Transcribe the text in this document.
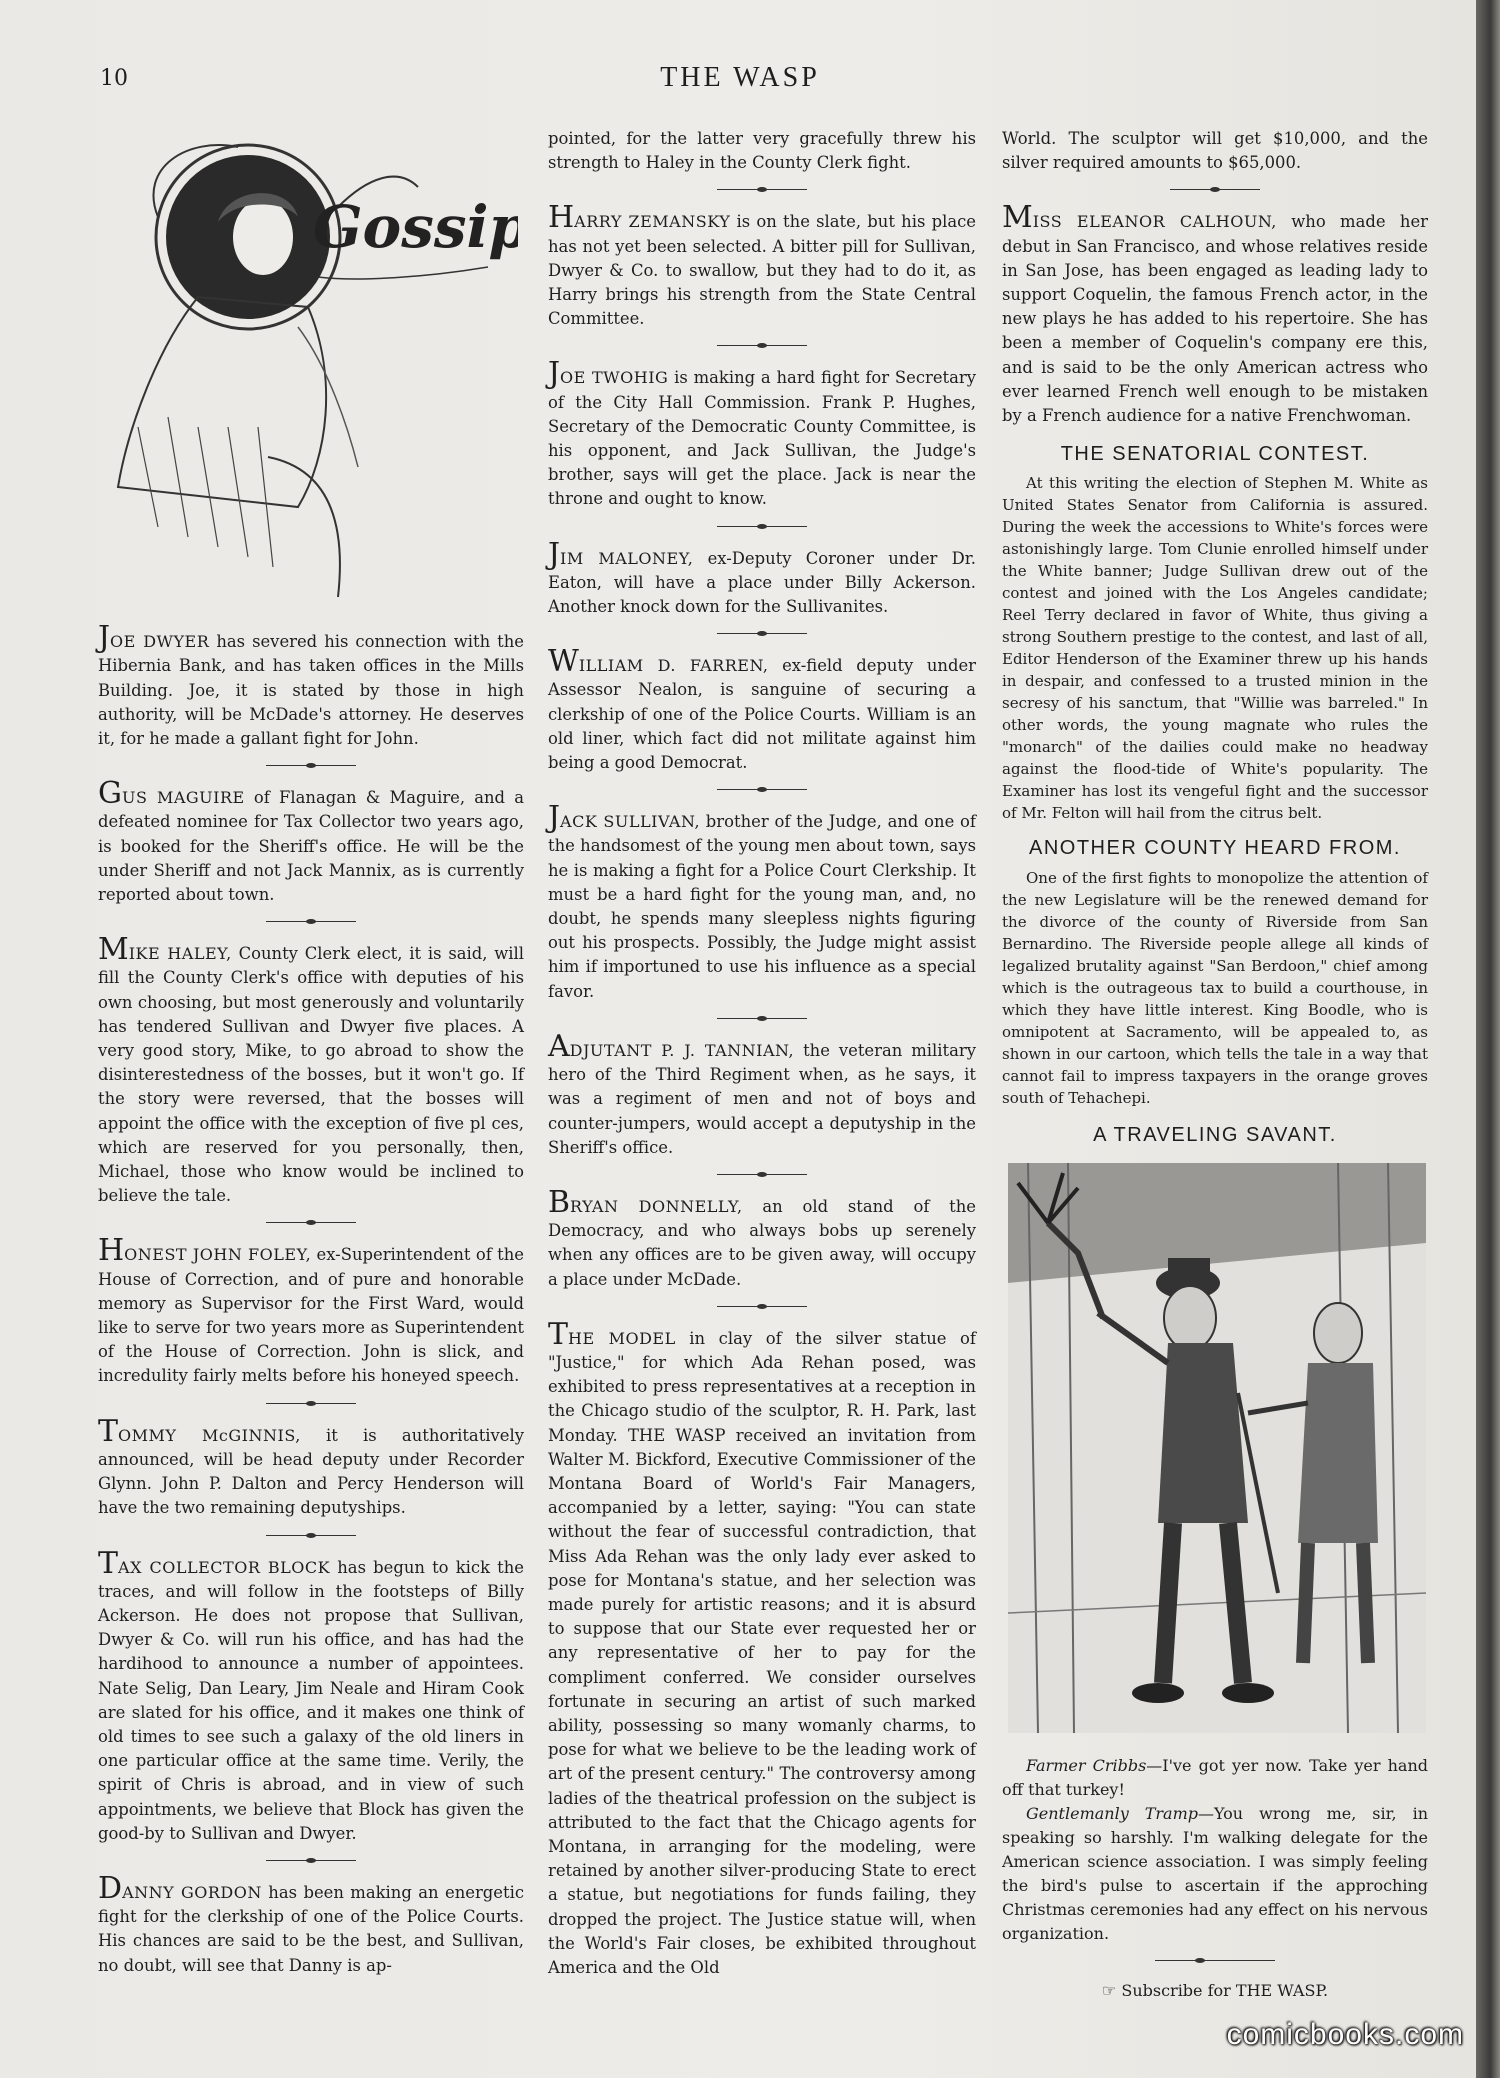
10	THE WASP
Gossip

JOE DWYER has severed his connection with the Hibernia Bank, and has taken offices in the Mills Building. Joe, it is stated by those in high authority, will be McDade's attorney. He deserves it, for he made a gallant fight for John.

GUS MAGUIRE of Flanagan & Maguire, and a defeated nominee for Tax Collector two years ago, is booked for the Sheriff's office. He will be the under Sheriff and not Jack Mannix, as is currently reported about town.

MIKE HALEY, County Clerk elect, it is said, will fill the County Clerk's office with deputies of his own choosing, but most generously and voluntarily has tendered Sullivan and Dwyer five places. A very good story, Mike, to go abroad to show the disinterestedness of the bosses, but it won't go. If the story were reversed, that the bosses will appoint the office with the exception of five pl ces, which are reserved for you personally, then, Michael, those who know would be inclined to believe the tale.

HONEST JOHN FOLEY, ex-Superintendent of the House of Correction, and of pure and honorable memory as Supervisor for the First Ward, would like to serve for two years more as Superintendent of the House of Correction. John is slick, and incredulity fairly melts before his honeyed speech.

TOMMY McGINNIS, it is authoritatively announced, will be head deputy under Recorder Glynn. John P. Dalton and Percy Henderson will have the two remaining deputyships.

TAX COLLECTOR BLOCK has begun to kick the traces, and will follow in the footsteps of Billy Ackerson. He does not propose that Sullivan, Dwyer & Co. will run his office, and has had the hardihood to announce a number of appointees. Nate Selig, Dan Leary, Jim Neale and Hiram Cook are slated for his office, and it makes one think of old times to see such a galaxy of the old liners in one particular office at the same time. Verily, the spirit of Chris is abroad, and in view of such appointments, we believe that Block has given the good-by to Sullivan and Dwyer.

DANNY GORDON has been making an energetic fight for the clerkship of one of the Police Courts. His chances are said to be the best, and Sullivan, no doubt, will see that Danny is ap-

pointed, for the latter very gracefully threw his strength to Haley in the County Clerk fight.

HARRY ZEMANSKY is on the slate, but his place has not yet been selected. A bitter pill for Sullivan, Dwyer & Co. to swallow, but they had to do it, as Harry brings his strength from the State Central Committee.

JOE TWOHIG is making a hard fight for Secretary of the City Hall Commission. Frank P. Hughes, Secretary of the Democratic County Committee, is his opponent, and Jack Sullivan, the Judge's brother, says will get the place. Jack is near the throne and ought to know.

JIM MALONEY, ex-Deputy Coroner under Dr. Eaton, will have a place under Billy Ackerson. Another knock down for the Sullivanites.

WILLIAM D. FARREN, ex-field deputy under Assessor Nealon, is sanguine of securing a clerkship of one of the Police Courts. William is an old liner, which fact did not militate against him being a good Democrat.

JACK SULLIVAN, brother of the Judge, and one of the handsomest of the young men about town, says he is making a fight for a Police Court Clerkship. It must be a hard fight for the young man, and, no doubt, he spends many sleepless nights figuring out his prospects. Possibly, the Judge might assist him if importuned to use his influence as a special favor.

ADJUTANT P. J. TANNIAN, the veteran military hero of the Third Regiment when, as he says, it was a regiment of men and not of boys and counter-jumpers, would accept a deputyship in the Sheriff's office.

BRYAN DONNELLY, an old stand of the Democracy, and who always bobs up serenely when any offices are to be given away, will occupy a place under McDade.

THE MODEL in clay of the silver statue of "Justice," for which Ada Rehan posed, was exhibited to press representatives at a reception in the Chicago studio of the sculptor, R. H. Park, last Monday. THE WASP received an invitation from Walter M. Bickford, Executive Commissioner of the Montana Board of World's Fair Managers, accompanied by a letter, saying: "You can state without the fear of successful contradiction, that Miss Ada Rehan was the only lady ever asked to pose for Montana's statue, and her selection was made purely for artistic reasons; and it is absurd to suppose that our State ever requested her or any representative of her to pay for the compliment conferred. We consider ourselves fortunate in securing an artist of such marked ability, possessing so many womanly charms, to pose for what we believe to be the leading work of art of the present century." The controversy among ladies of the theatrical profession on the subject is attributed to the fact that the Chicago agents for Montana, in arranging for the modeling, were retained by another silver-producing State to erect a statue, but negotiations for funds failing, they dropped the project. The Justice statue will, when the World's Fair closes, be exhibited throughout America and the Old

World. The sculptor will get $10,000, and the silver required amounts to $65,000.

MISS ELEANOR CALHOUN, who made her debut in San Francisco, and whose relatives reside in San Jose, has been engaged as leading lady to support Coquelin, the famous French actor, in the new plays he has added to his repertoire. She has been a member of Coquelin's company ere this, and is said to be the only American actress who ever learned French well enough to be mistaken by a French audience for a native Frenchwoman.

THE SENATORIAL CONTEST.

At this writing the election of Stephen M. White as United States Senator from California is assured. During the week the accessions to White's forces were astonishingly large. Tom Clunie enrolled himself under the White banner; Judge Sullivan drew out of the contest and joined with the Los Angeles candidate; Reel Terry declared in favor of White, thus giving a strong Southern prestige to the contest, and last of all, Editor Henderson of the Examiner threw up his hands in despair, and confessed to a trusted minion in the secresy of his sanctum, that "Willie was barreled." In other words, the young magnate who rules the "monarch" of the dailies could make no headway against the flood-tide of White's popularity. The Examiner has lost its vengeful fight and the successor of Mr. Felton will hail from the citrus belt.

ANOTHER COUNTY HEARD FROM.

One of the first fights to monopolize the attention of the new Legislature will be the renewed demand for the divorce of the county of Riverside from San Bernardino. The Riverside people allege all kinds of legalized brutality against "San Berdoon," chief among which is the outrageous tax to build a courthouse, in which they have little interest. King Boodle, who is omnipotent at Sacramento, will be appealed to, as shown in our cartoon, which tells the tale in a way that cannot fail to impress taxpayers in the orange groves south of Tehachepi.

A TRAVELING SAVANT.

Farmer Cribbs—I've got yer now. Take yer hand off that turkey!

Gentlemanly Tramp—You wrong me, sir, in speaking so harshly. I'm walking delegate for the American science association. I was simply feeling the bird's pulse to ascertain if the approching Christmas ceremonies had any effect on his nervous organization.

☞ Subscribe for THE WASP.
comicbooks.com
